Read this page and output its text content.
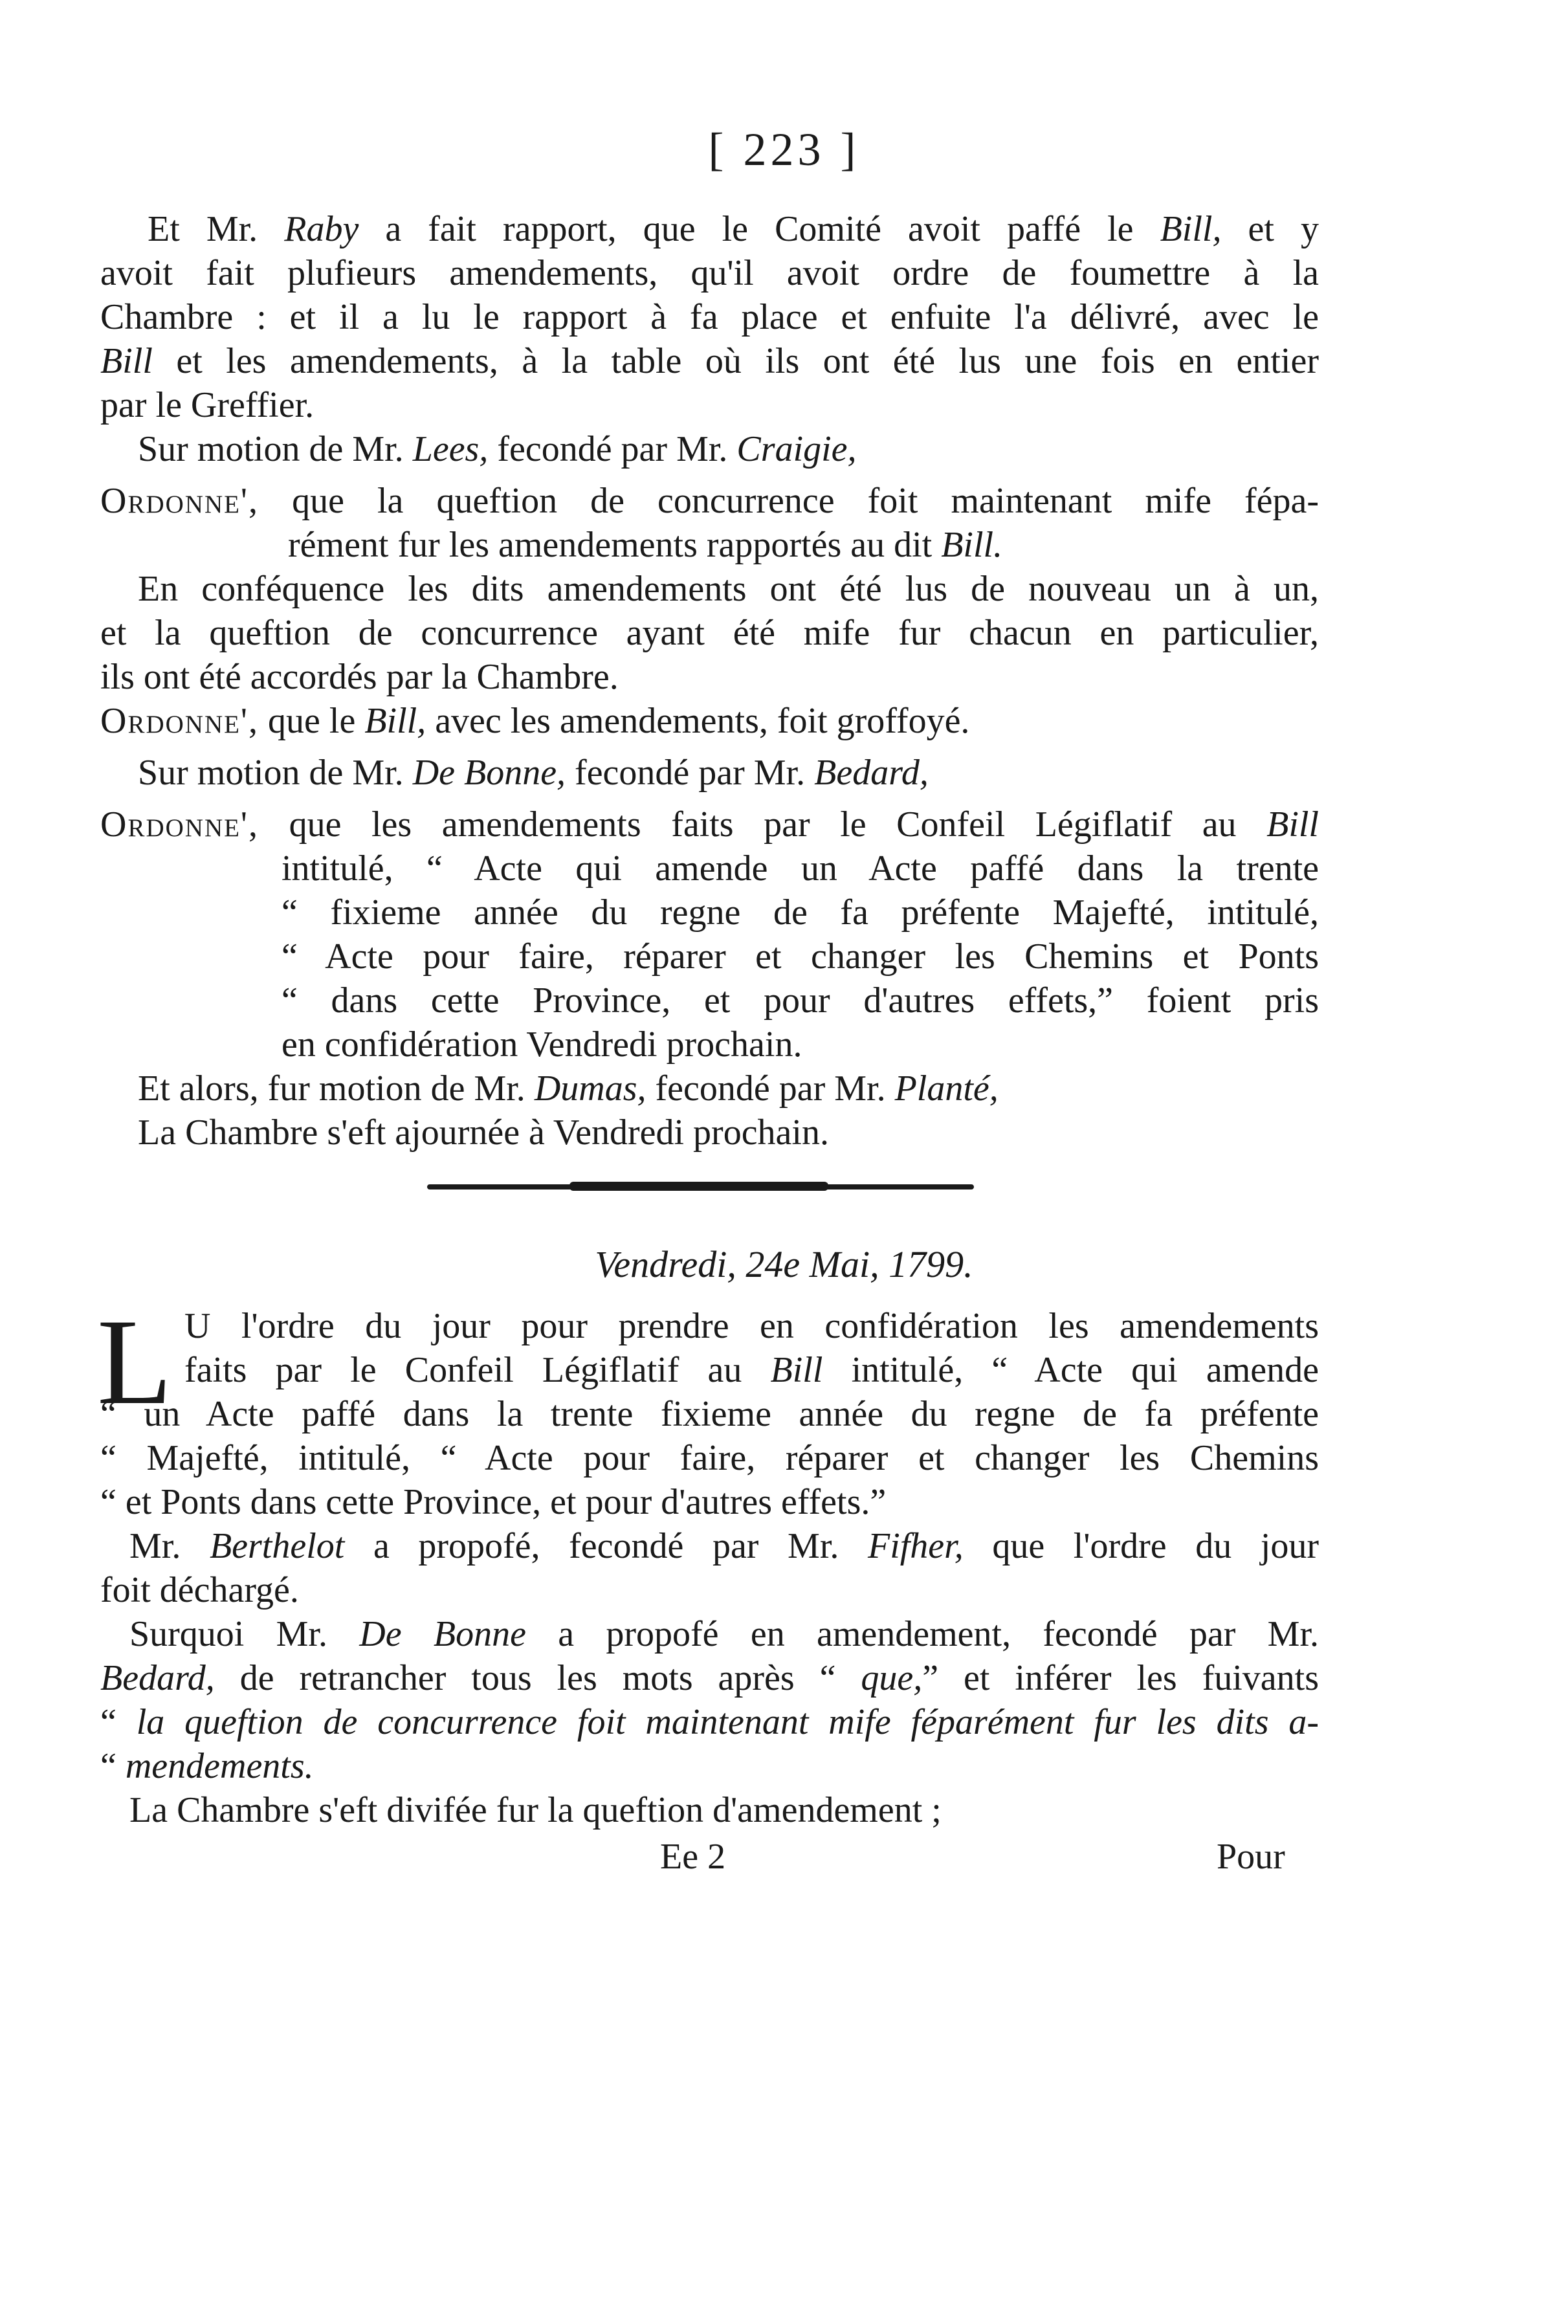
[ 223 ]
Et Mr. Raby a fait rapport, que le Comité avoit paffé le Bill, et y
avoit fait plufieurs amendements, qu'il avoit ordre de foumettre à la
Chambre : et il a lu le rapport à fa place et enfuite l'a délivré, avec le
Bill et les amendements, à la table où ils ont été lus une fois en entier
par le Greffier.
Sur motion de Mr. Lees, fecondé par Mr. Craigie,
Ordonne', que la queftion de concurrence foit maintenant mife fépa-
rément fur les amendements rapportés au dit Bill.
En conféquence les dits amendements ont été lus de nouveau un à un,
et la queftion de concurrence ayant été mife fur chacun en particulier,
ils ont été accordés par la Chambre.
Ordonne', que le Bill, avec les amendements, foit groffoyé.
Sur motion de Mr. De Bonne, fecondé par Mr. Bedard,
Ordonne', que les amendements faits par le Confeil Légiflatif au Bill
intitulé, “ Acte qui amende un Acte paffé dans la trente
“ fixieme année du regne de fa préfente Majefté, intitulé,
“ Acte pour faire, réparer et changer les Chemins et Ponts
“ dans cette Province, et pour d'autres effets,” foient pris
en confidération Vendredi prochain.
Et alors, fur motion de Mr. Dumas, fecondé par Mr. Planté,
La Chambre s'eft ajournée à Vendredi prochain.
Vendredi, 24e Mai, 1799.
L U l'ordre du jour pour prendre en confidération les amendements
faits par le Confeil Légiflatif au Bill intitulé, “ Acte qui amende
“ un Acte paffé dans la trente fixieme année du regne de fa préfente
“ Majefté, intitulé, “ Acte pour faire, réparer et changer les Chemins
“ et Ponts dans cette Province, et pour d'autres effets.”
Mr. Berthelot a propofé, fecondé par Mr. Fifher, que l'ordre du jour
foit déchargé.
Surquoi Mr. De Bonne a propofé en amendement, fecondé par Mr.
Bedard, de retrancher tous les mots après “ que,” et inférer les fuivants
“ la queftion de concurrence foit maintenant mife féparément fur les dits a-
“ mendements.
La Chambre s'eft divifée fur la queftion d'amendement ;
Ee 2	Pour
